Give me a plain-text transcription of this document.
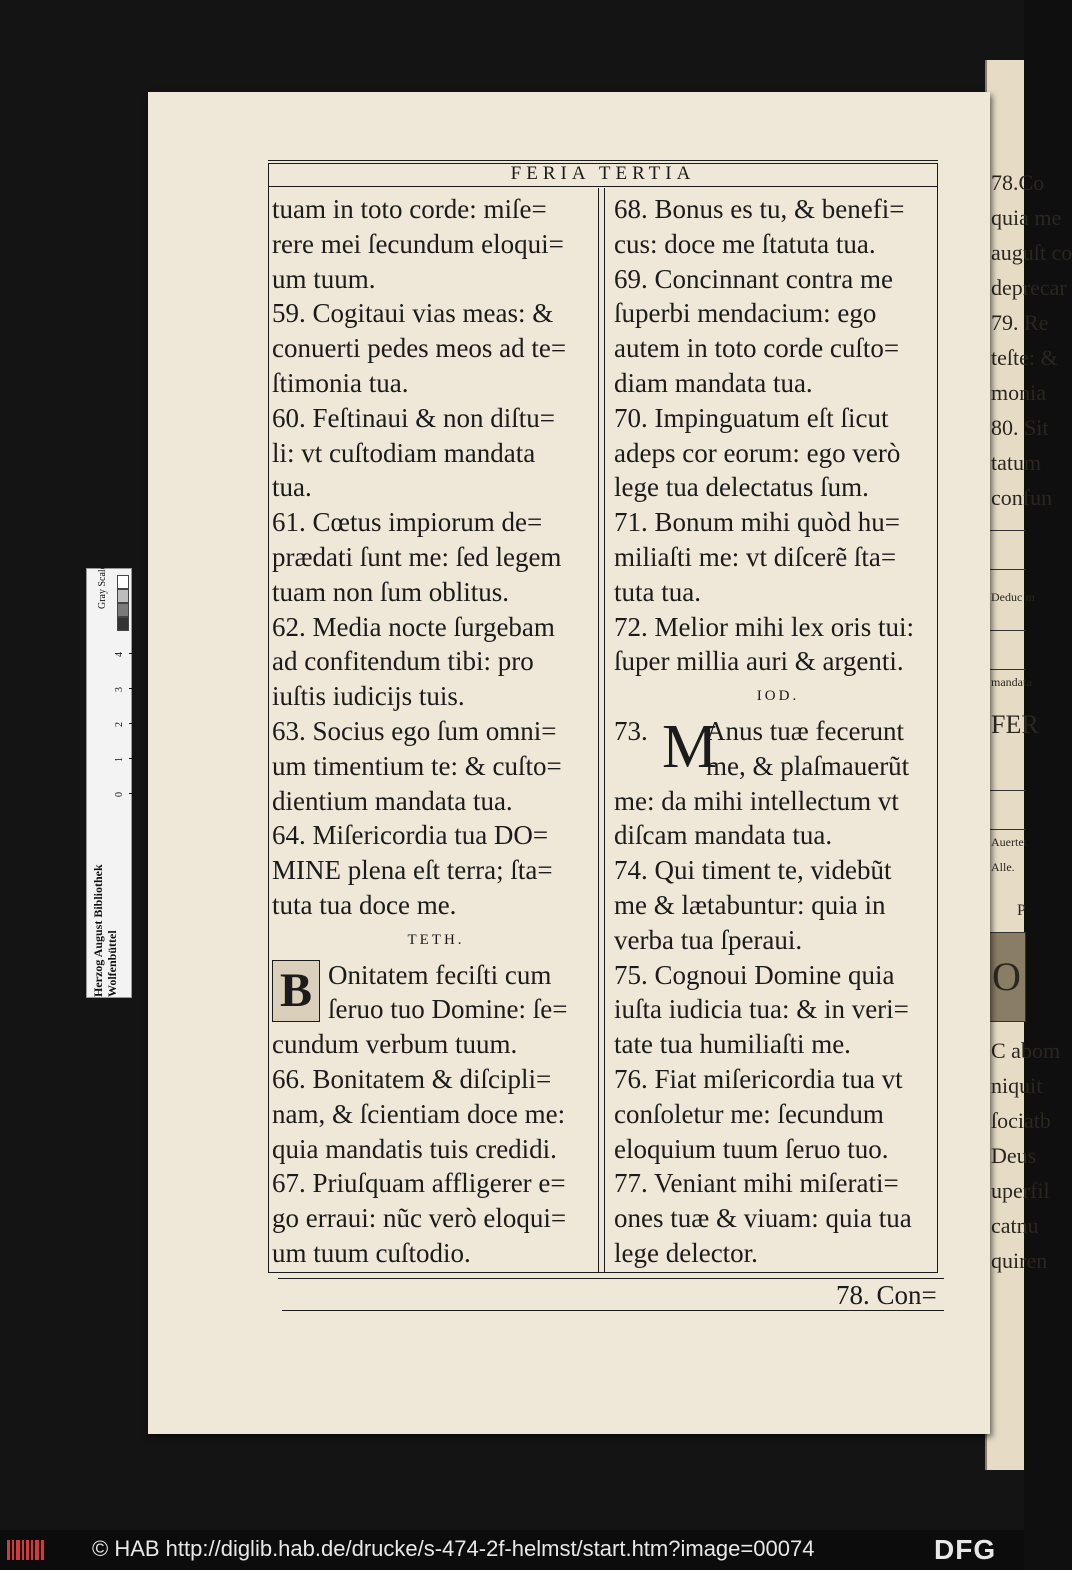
78.Co
quia me
auguſt co
deprecar
79. Re
teſte: &
monia
80. Sit
tatum
confun
Deduc m
mandata
FER
Auertet
Alle.
P
O
C abom
niquit
ſociatb
Deus
uperfil
catnu
quiren
FERIA TERTIA
tuam in toto corde: miſe=
rere mei ſecundum eloqui=
um tuum.
59. Cogitaui vias meas: &
conuerti pedes meos ad te=
ſtimonia tua.
60. Feſtinaui & non diſtu=
li: vt cuſtodiam mandata
tua.
61. Cœtus impiorum de=
prædati ſunt me: ſed legem
tuam non ſum oblitus.
62. Media nocte ſurgebam
ad confitendum tibi: pro
iuſtis iudicĳs tuis.
63. Socius ego ſum omni=
um timentium te: & cuſto=
dientium mandata tua.
64. Miſericordia tua DO=
MINE plena eſt terra; ſta=
tuta tua doce me.
TETH.
B Onitatem feciſti cum
ſeruo tuo Domine: ſe=
cundum verbum tuum.
66. Bonitatem & diſcipli=
nam, & ſcientiam doce me:
quia mandatis tuis credidi.
67. Priuſquam affligerer e=
go erraui: nũc verò eloqui=
um tuum cuſtodio.
68. Bonus es tu, & benefi=
cus: doce me ſtatuta tua.
69. Concinnant contra me
ſuperbi mendacium: ego
autem in toto corde cuſto=
diam mandata tua.
70. Impinguatum eſt ſicut
adeps cor eorum: ego verò
lege tua delectatus ſum.
71. Bonum mihi quòd hu=
miliaſti me: vt diſcerẽ ſta=
tuta tua.
72. Melior mihi lex oris tui:
ſuper millia auri & argenti.
IOD.
73. M
Anus tuæ fecerunt
me, & plaſmauerũt
me: da mihi intellectum vt
diſcam mandata tua.
74. Qui timent te, videbũt
me & lætabuntur: quia in
verba tua ſperaui.
75. Cognoui Domine quia
iuſta iudicia tua: & in veri=
tate tua humiliaſti me.
76. Fiat miſericordia tua vt
conſoletur me: ſecundum
eloquium tuum ſeruo tuo.
77. Veniant mihi miſerati=
ones tuæ & viuam: quia tua
lege delector.
78. Con=
Herzog August Bibliothek Wolfenbüttel
Gray Scale
0
1
2
3
4
© HAB http://diglib.hab.de/drucke/s-474-2f-helmst/start.htm?image=00074	DFG
